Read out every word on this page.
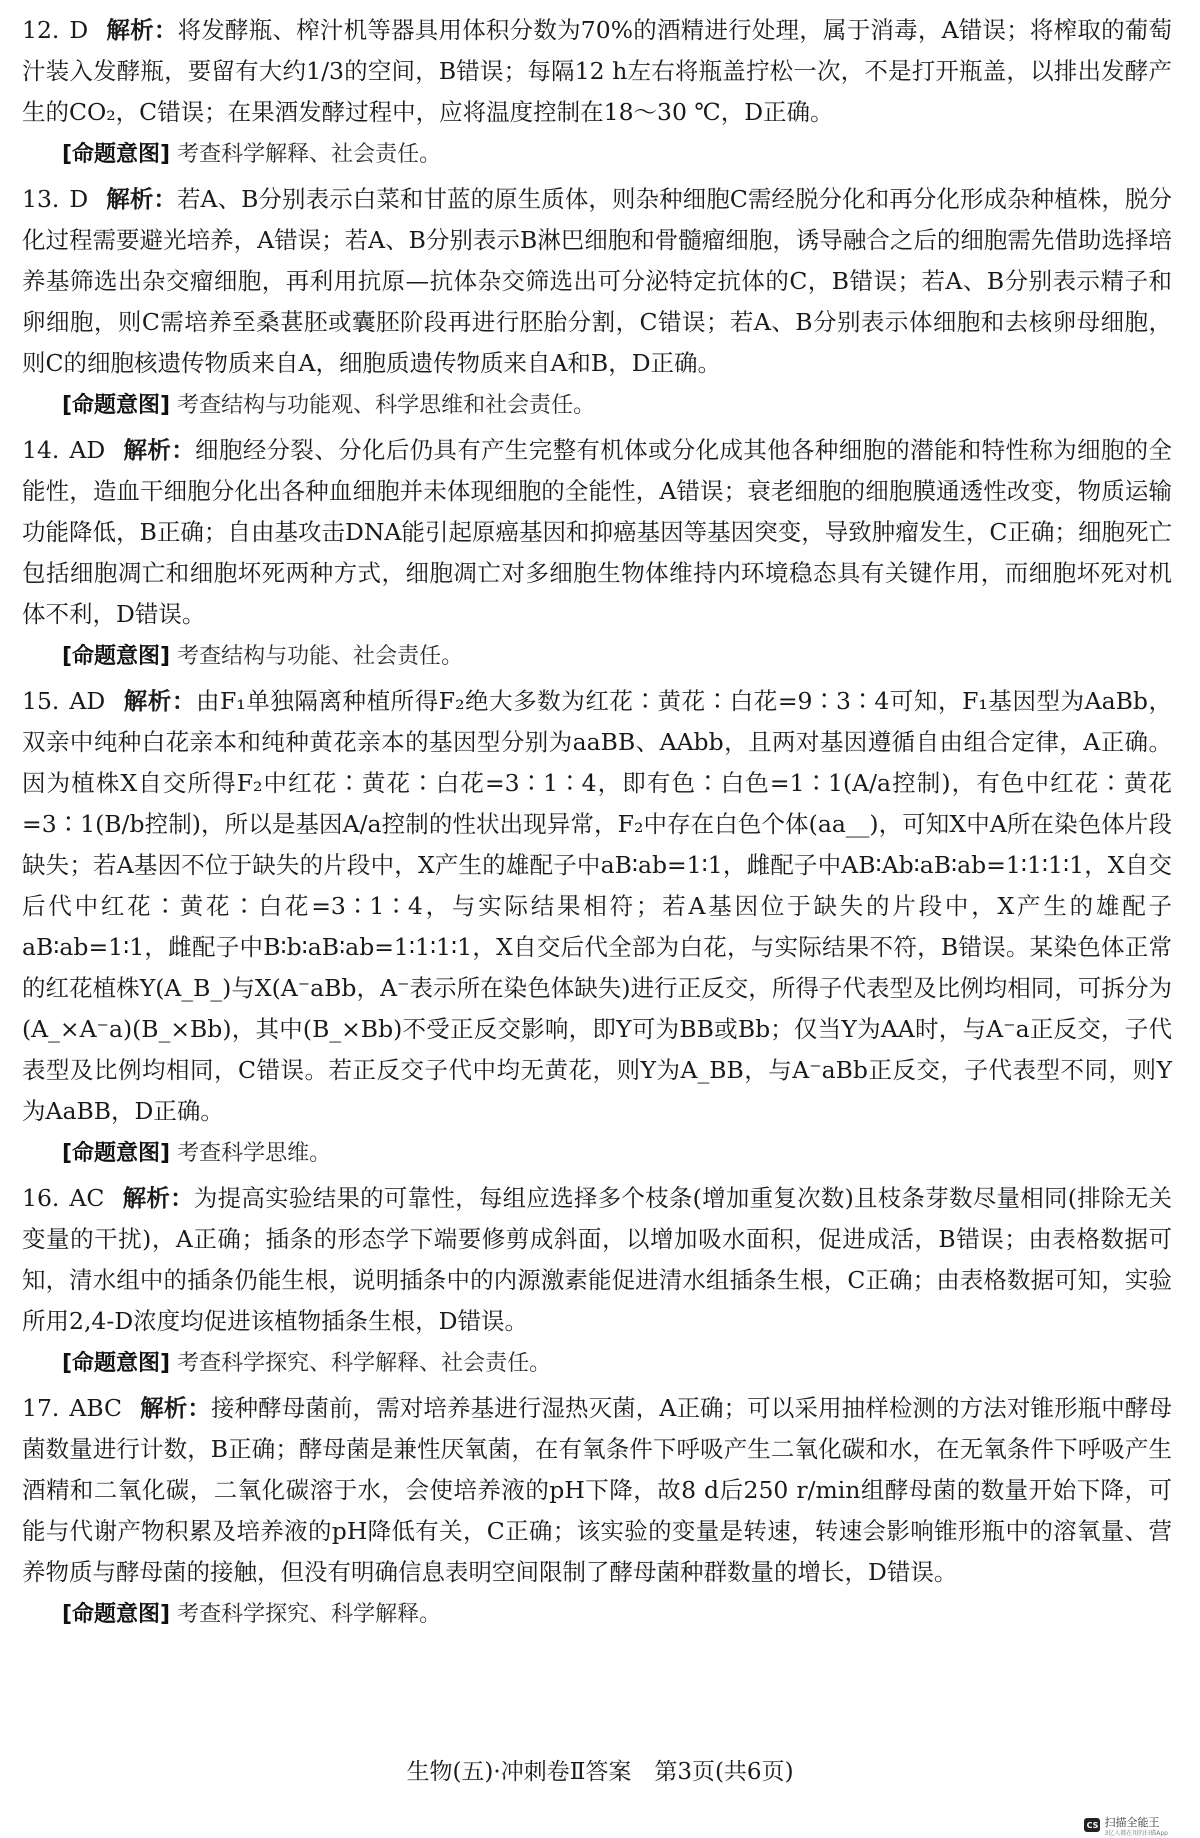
12. D 解析：将发酵瓶、榨汁机等器具用体积分数为70%的酒精进行处理，属于消毒，A错误；将榨取的葡萄汁装入发酵瓶，要留有大约1/3的空间，B错误；每隔12 h左右将瓶盖拧松一次，不是打开瓶盖，以排出发酵产生的CO₂，C错误；在果酒发酵过程中，应将温度控制在18～30 ℃，D正确。
[命题意图] 考查科学解释、社会责任。
13. D 解析：若A、B分别表示白菜和甘蓝的原生质体，则杂种细胞C需经脱分化和再分化形成杂种植株，脱分化过程需要避光培养，A错误；若A、B分别表示B淋巴细胞和骨髓瘤细胞，诱导融合之后的细胞需先借助选择培养基筛选出杂交瘤细胞，再利用抗原—抗体杂交筛选出可分泌特定抗体的C，B错误；若A、B分别表示精子和卵细胞，则C需培养至桑葚胚或囊胚阶段再进行胚胎分割，C错误；若A、B分别表示体细胞和去核卵母细胞，则C的细胞核遗传物质来自A，细胞质遗传物质来自A和B，D正确。
[命题意图] 考查结构与功能观、科学思维和社会责任。
14. AD 解析：细胞经分裂、分化后仍具有产生完整有机体或分化成其他各种细胞的潜能和特性称为细胞的全能性，造血干细胞分化出各种血细胞并未体现细胞的全能性，A错误；衰老细胞的细胞膜通透性改变，物质运输功能降低，B正确；自由基攻击DNA能引起原癌基因和抑癌基因等基因突变，导致肿瘤发生，C正确；细胞死亡包括细胞凋亡和细胞坏死两种方式，细胞凋亡对多细胞生物体维持内环境稳态具有关键作用，而细胞坏死对机体不利，D错误。
[命题意图] 考查结构与功能、社会责任。
15. AD 解析：由F₁单独隔离种植所得F₂绝大多数为红花∶黄花∶白花=9∶3∶4可知，F₁基因型为AaBb，双亲中纯种白花亲本和纯种黄花亲本的基因型分别为aaBB、AAbb，且两对基因遵循自由组合定律，A正确。因为植株X自交所得F₂中红花∶黄花∶白花=3∶1∶4，即有色∶白色=1∶1(A/a控制)，有色中红花∶黄花=3∶1(B/b控制)，所以是基因A/a控制的性状出现异常，F₂中存在白色个体(aa__)，可知X中A所在染色体片段缺失；若A基因不位于缺失的片段中，X产生的雄配子中aB∶ab=1∶1，雌配子中AB∶Ab∶aB∶ab=1∶1∶1∶1，X自交后代中红花∶黄花∶白花=3∶1∶4，与实际结果相符；若A基因位于缺失的片段中，X产生的雄配子aB∶ab=1∶1，雌配子中B∶b∶aB∶ab=1∶1∶1∶1，X自交后代全部为白花，与实际结果不符，B错误。某染色体正常的红花植株Y(A_B_)与X(A⁻aBb，A⁻表示所在染色体缺失)进行正反交，所得子代表型及比例均相同，可拆分为(A_×A⁻a)(B_×Bb)，其中(B_×Bb)不受正反交影响，即Y可为BB或Bb；仅当Y为AA时，与A⁻a正反交，子代表型及比例均相同，C错误。若正反交子代中均无黄花，则Y为A_BB，与A⁻aBb正反交，子代表型不同，则Y为AaBB，D正确。
[命题意图] 考查科学思维。
16. AC 解析：为提高实验结果的可靠性，每组应选择多个枝条(增加重复次数)且枝条芽数尽量相同(排除无关变量的干扰)，A正确；插条的形态学下端要修剪成斜面，以增加吸水面积，促进成活，B错误；由表格数据可知，清水组中的插条仍能生根，说明插条中的内源激素能促进清水组插条生根，C正确；由表格数据可知，实验所用2,4-D浓度均促进该植物插条生根，D错误。
[命题意图] 考查科学探究、科学解释、社会责任。
17. ABC 解析：接种酵母菌前，需对培养基进行湿热灭菌，A正确；可以采用抽样检测的方法对锥形瓶中酵母菌数量进行计数，B正确；酵母菌是兼性厌氧菌，在有氧条件下呼吸产生二氧化碳和水，在无氧条件下呼吸产生酒精和二氧化碳，二氧化碳溶于水，会使培养液的pH下降，故8 d后250 r/min组酵母菌的数量开始下降，可能与代谢产物积累及培养液的pH降低有关，C正确；该实验的变量是转速，转速会影响锥形瓶中的溶氧量、营养物质与酵母菌的接触，但没有明确信息表明空间限制了酵母菌种群数量的增长，D错误。
[命题意图] 考查科学探究、科学解释。
生物(五)·冲刺卷Ⅱ答案　第3页(共6页)
CS 扫描全能王
3亿人都在用的扫描App
